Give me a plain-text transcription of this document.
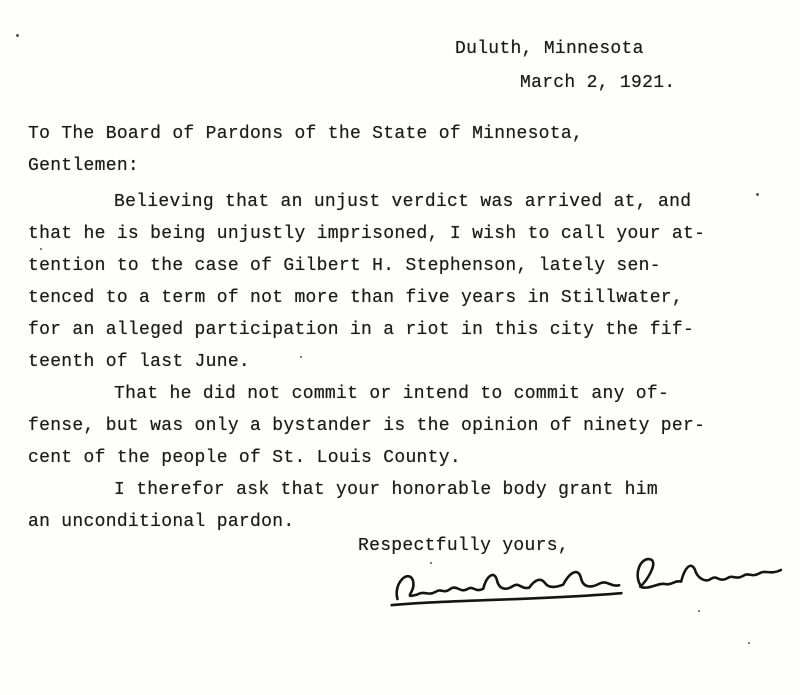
Duluth, Minnesota
March 2, 1921.
To The Board of Pardons of the State of Minnesota,
Gentlemen:
Believing that an unjust verdict was arrived at, and
that he is being unjustly imprisoned, I wish to call your at-
tention to the case of Gilbert H. Stephenson, lately sen-
tenced to a term of not more than five years in Stillwater,
for an alleged participation in a riot in this city the fif-
teenth of last June.
That he did not commit or intend to commit any of-
fense, but was only a bystander is the opinion of ninety per-
cent of the people of St. Louis County.
I therefor ask that your honorable body grant him
an unconditional pardon.
Respectfully yours,
